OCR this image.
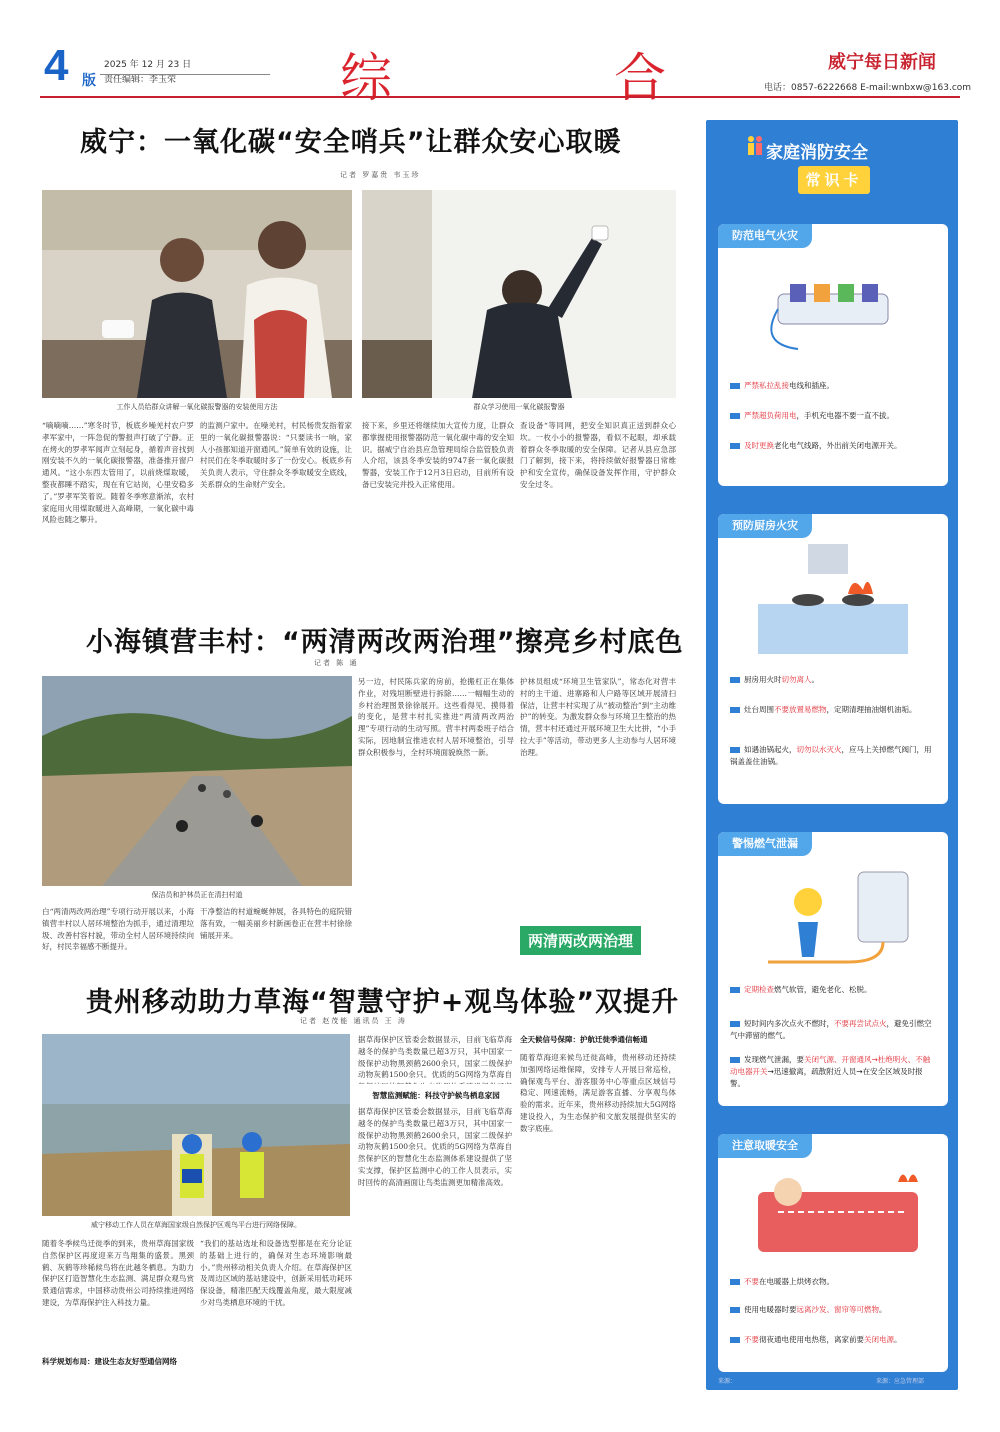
4 版
2025 年 12 月 23 日
责任编辑：李玉荣	综	合	威宁每日新闻
电话：0857-6222668 E-mail:wnbxw@163.com
威宁：一氧化碳“安全哨兵”让群众安心取暖
记者 罗嘉贵 韦玉珍
工作人员给群众讲解一氧化碳报警器的安装使用方法	群众学习使用一氧化碳报警器
“嘀嘀嘀……”寒冬时节，板底乡噪羌村农户罗孝军家中，一阵急促的警报声打破了宁静。正在烤火的罗孝军闻声立刻起身，循着声音找到刚安装不久的一氧化碳报警器，准备推开窗户通风。“这小东西太管用了，以前烧煤取暖，整夜都睡不踏实，现在有它站岗，心里安稳多了。”罗孝军笑着说。随着冬季寒意渐浓，农村家庭用火用煤取暖进入高峰期，一氧化碳中毒风险也随之攀升。
的监测户家中。在噪羌村，村民杨贵发指着家里的一氧化碳报警器说：“只要读书一响，家人小孩都知道开窗通风。”简单有效的设施，让村民们在冬季取暖时多了一份安心。板底乡有关负责人表示，守住群众冬季取暖安全底线，关系群众的生命财产安全。
接下来，乡里还将继续加大宣传力度，让群众都掌握使用报警器防范一氧化碳中毒的安全知识。据威宁自治县应急管理局综合监管股负责人介绍，该县冬季安装的9747套一氧化碳报警器，安装工作于12月3日启动，目前所有设备已安装完并投入正常使用。
查设备“等同网，把安全知识真正送到群众心坎。一枚小小的报警器，看似不起眼，却承载着群众冬季取暖的安全保障。记者从县应急部门了解到，接下来，将持续做好报警器日常维护和安全宣传，确保设备发挥作用，守护群众安全过冬。
小海镇营丰村：“两清两改两治理”擦亮乡村底色
记者 陈 通
保洁员和护林员正在清扫村道
另一边，村民陈兵家的房前，抢搬杠正在集体作业，对残垣断壁进行拆除……一幅幅生动的乡村治理图景徐徐展开。这些看得见、摸得着的变化，是营丰村扎实推进“两清两改两治理”专项行动的生动写照。营丰村两委班子结合实际，因地制宜推进农村人居环境整治，引导群众积极参与，全村环境面貌焕然一新。
护林员组成“环境卫生管家队”，常态化对营丰村的主干道、进寨路和人户路等区域开展清扫保洁，让营丰村实现了从“被动整治”到“主动维护”的转变。为激发群众参与环境卫生整治的热情，营丰村还通过开展环境卫生大比拼，“小手拉大手”等活动，带动更多人主动参与人居环境治理。
白“两清两改两治理”专项行动开展以来，小海镇营丰村以人居环境整治为抓手，通过清理垃圾、改善村容村貌，带动全村人居环境持续向好，村民幸福感不断提升。
干净整洁的村道蜿蜒伸展，各具特色的庭院错落有致，一幅美丽乡村新画卷正在营丰村徐徐铺展开来。	两清两改两治理
贵州移动助力草海“智慧守护+观鸟体验”双提升
记者 赵茂能 通讯员 王 涛
威宁移动工作人员在草海国家级自然保护区观鸟平台进行网络保障。
随着冬季候鸟迁徙季的到来，贵州草海国家级自然保护区再度迎来万鸟翔集的盛景。黑颈鹤、灰鹤等珍稀候鸟将在此越冬栖息。为助力保护区打造智慧化生态监测、满足群众观鸟赏景通信需求，中国移动贵州公司持续推进网络建设，为草海保护注入科技力量。
科学规划布局：建设生态友好型通信网络
“我们的基站选址和设备选型都是在充分论证的基础上进行的，确保对生态环境影响最小。”贵州移动相关负责人介绍。在草海保护区及周边区域的基站建设中，创新采用低功耗环保设备，精准匹配天线覆盖角度，最大限度减少对鸟类栖息环境的干扰。
据草海保护区管委会数据显示，目前飞临草海越冬的保护鸟类数量已超3万只，其中国家一级保护动物黑颈鹤2600余只，国家二级保护动物灰鹤1500余只。优质的5G网络为草海自
智慧监测赋能：科技守护候鸟栖息家园
据草海保护区管委会数据显示，目前飞临草海越冬的保护鸟类数量已超3万只，其中国家一级保护动物黑颈鹤2600余只，国家二级保护动物灰鹤1500余只。优质的5G网络为草海自然保护区的智慧化生态监测体系建设提供了坚实支撑，保护区监测中心的工作人员表示，实时回传的高清画面让鸟类监测更加精准高效。
全天候信号保障：护航迁徙季通信畅通
随着草海迎来候鸟迁徙高峰，贵州移动还持续加强网络运维保障，安排专人开展日常巡检，确保观鸟平台、游客服务中心等重点区域信号稳定、网速流畅，满足游客直播、分享观鸟体验的需求。近年来，贵州移动持续加大5G网络建设投入，为生态保护和文旅发展提供坚实的数字底座。
家庭消防安全
常识卡
防范电气火灾
严禁私拉乱接电线和插座。
严禁超负荷用电，手机充电器不要一直不拔。
及时更换老化电气线路，外出前关闭电源开关。
预防厨房火灾
厨房用火时切勿离人。
灶台周围不要放置易燃物，定期清理抽油烟机油垢。
如遇油锅起火，切勿以水灭火，应马上关掉燃气阀门，用锅盖盖住油锅。
警惕燃气泄漏
定期检查燃气软管，避免老化、松脱。
短时间内多次点火不燃时，不要再尝试点火，避免引燃空气中滞留的燃气。
发现燃气泄漏，要关闭气源、开窗通风→杜绝明火、不触动电器开关→迅速撤离，疏散附近人员→在安全区域及时报警。
注意取暖安全
不要在电暖器上烘烤衣物。
使用电暖器时要远离沙发、窗帘等可燃物。
不要彻夜通电使用电热毯，离家前要关闭电源。
来源：	来源：应急管理部
